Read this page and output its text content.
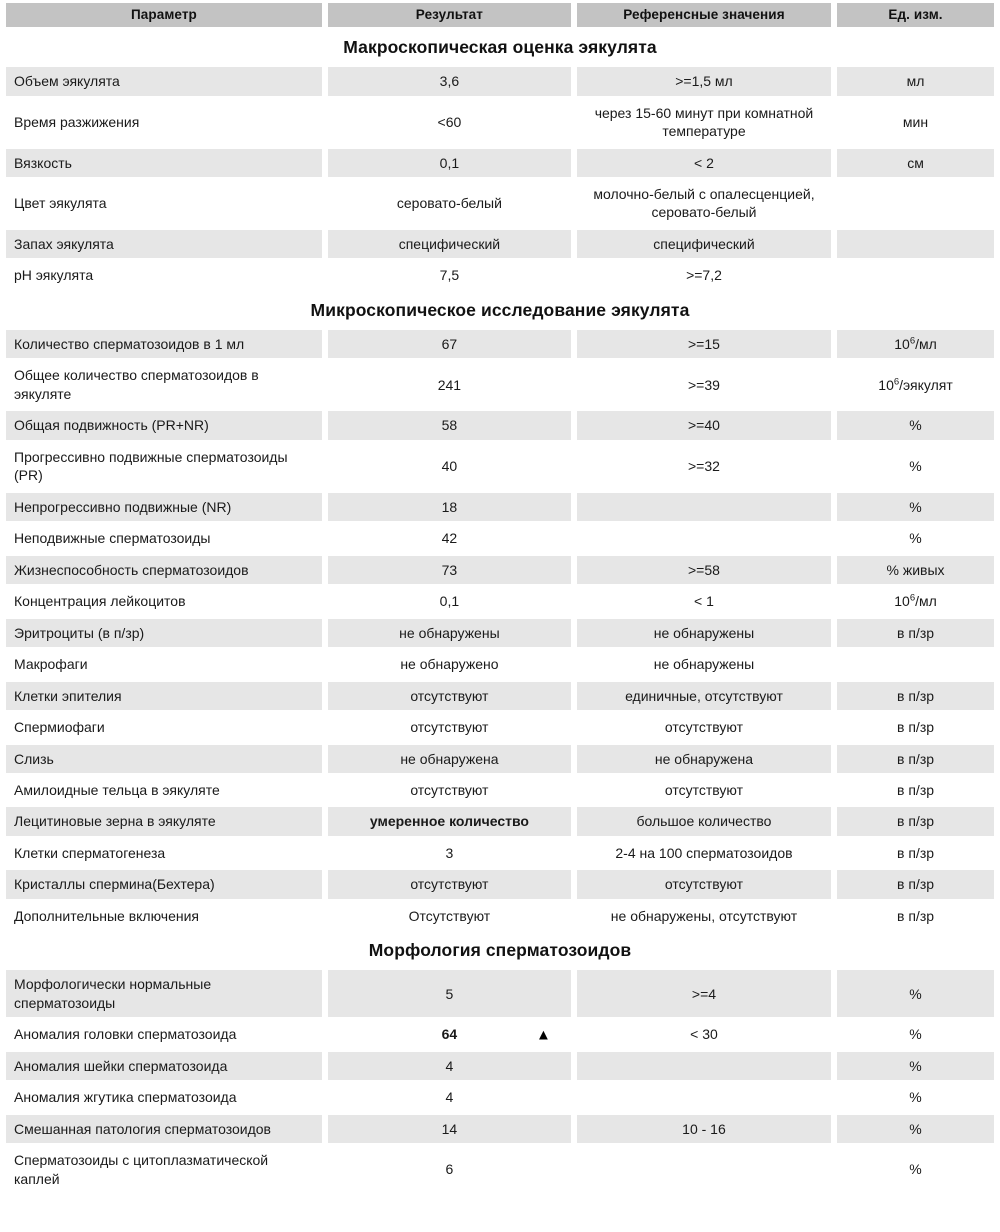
Параметр	Результат	Референсные значения	Ед. изм.
Макроскопическая оценка эякулята			
Объем эякулята	3,6	>=1,5 мл	мл
Время разжижения	<60	через 15-60 минут при комнатной температуре	мин
Вязкость	0,1	< 2	см
Цвет эякулята	серовато-белый	молочно-белый с опалесценцией, серовато-белый	
Запах эякулята	специфический	специфический	
pH эякулята	7,5	>=7,2	
Микроскопическое исследование эякулята			
Количество сперматозоидов в 1 мл	67	>=15	$10^6/мл$
Общее количество сперматозоидов в эякуляте	241	>=39	$10^6$/эякулят
Общая подвижность (PR+NR)	58	>=40	%
Прогрессивно подвижные сперматозоиды (PR)	40	>=32	%
Непрогрессивно подвижные (NR)	18		%
Неподвижные сперматозоиды	42		%
Жизнеспособность сперматозоидов	73	>=58	% живых
Концентрация лейкоцитов	0,1	< 1	$10^6/мл$
Эритроциты (в п/зр)	не обнаружены	не обнаружены	в п/зр
Макрофаги	не обнаружено	не обнаружены	
Клетки эпителия	отсутствуют	единичные, отсутствуют	в п/зр
Спермиофаги	отсутствуют	отсутствуют	в п/зр
Слизь	не обнаружена	не обнаружена	в п/зр
Амилоидные тельца в эякуляте	отсутствуют	отсутствуют	в п/зр
Лецитиновые зерна в эякуляте	умеренное количество	большое количество	в п/зр
Клетки сперматогенеза	3	2-4 на 100 сперматозоидов	в п/зр
Кристаллы спермина(Бехтера)	отсутствуют	отсутствуют	в п/зр
Дополнительные включения	Отсутствуют	не обнаружены, отсутствуют	в п/зр
Морфология сперматозоидов			
Морфологически нормальные сперматозоиды	5	>=4	%
Аномалия головки сперматозоида	64 ▲	< 30	%
Аномалия шейки сперматозоида	4		%
Аномалия жгутика сперматозоида	4		%
Смешанная патология сперматозоидов	14	10 - 16	%
Сперматозоиды с цитоплазматической каплей	6		%
